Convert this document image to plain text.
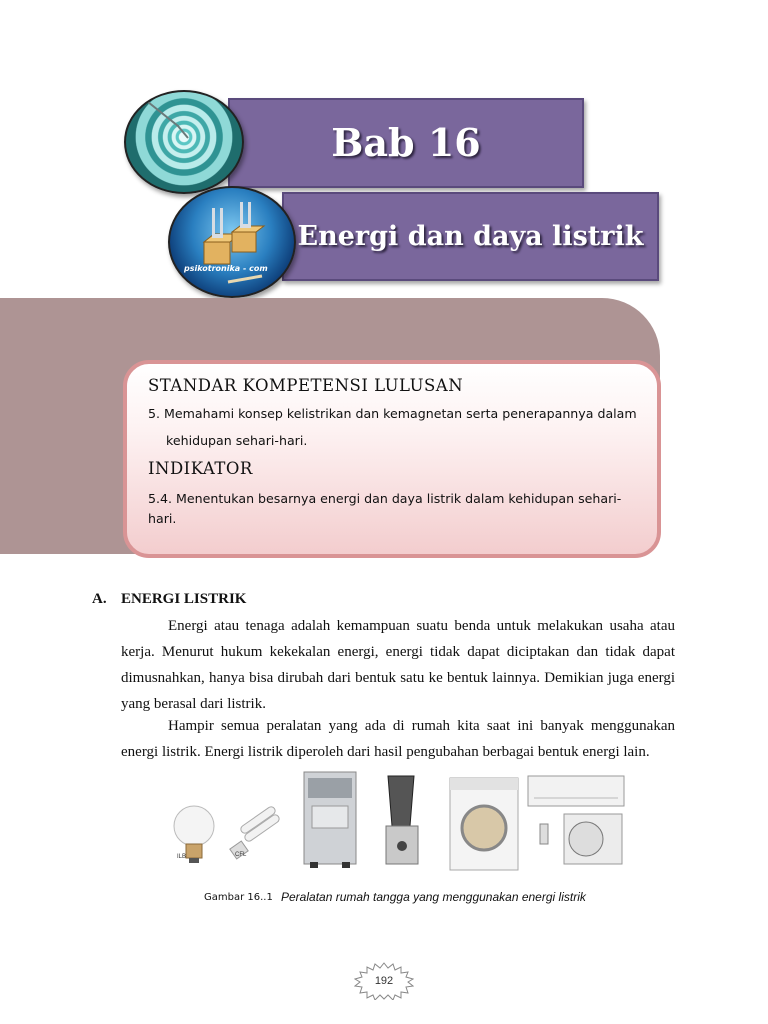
Bab 16
Energi dan daya listrik
psikotronika - com
STANDAR KOMPETENSI LULUSAN
5. Memahami konsep kelistrikan dan kemagnetan serta penerapannya dalam
kehidupan sehari-hari.
INDIKATOR
5.4. Menentukan besarnya energi dan daya listrik dalam kehidupan sehari-
hari.
A. ENERGI LISTRIK
Energi atau tenaga adalah kemampuan suatu benda untuk melakukan usaha atau kerja. Menurut hukum kekekalan energi, energi tidak dapat diciptakan dan tidak dapat dimusnahkan, hanya bisa dirubah dari bentuk satu ke bentuk lainnya. Demikian juga energi yang berasal dari listrik.
Hampir semua peralatan yang ada di rumah kita saat ini banyak menggunakan energi listrik. Energi listrik diperoleh dari hasil pengubahan berbagai bentuk energi lain.
ILB	CFL
Gambar 16..1 Peralatan rumah tangga yang menggunakan energi listrik
192
